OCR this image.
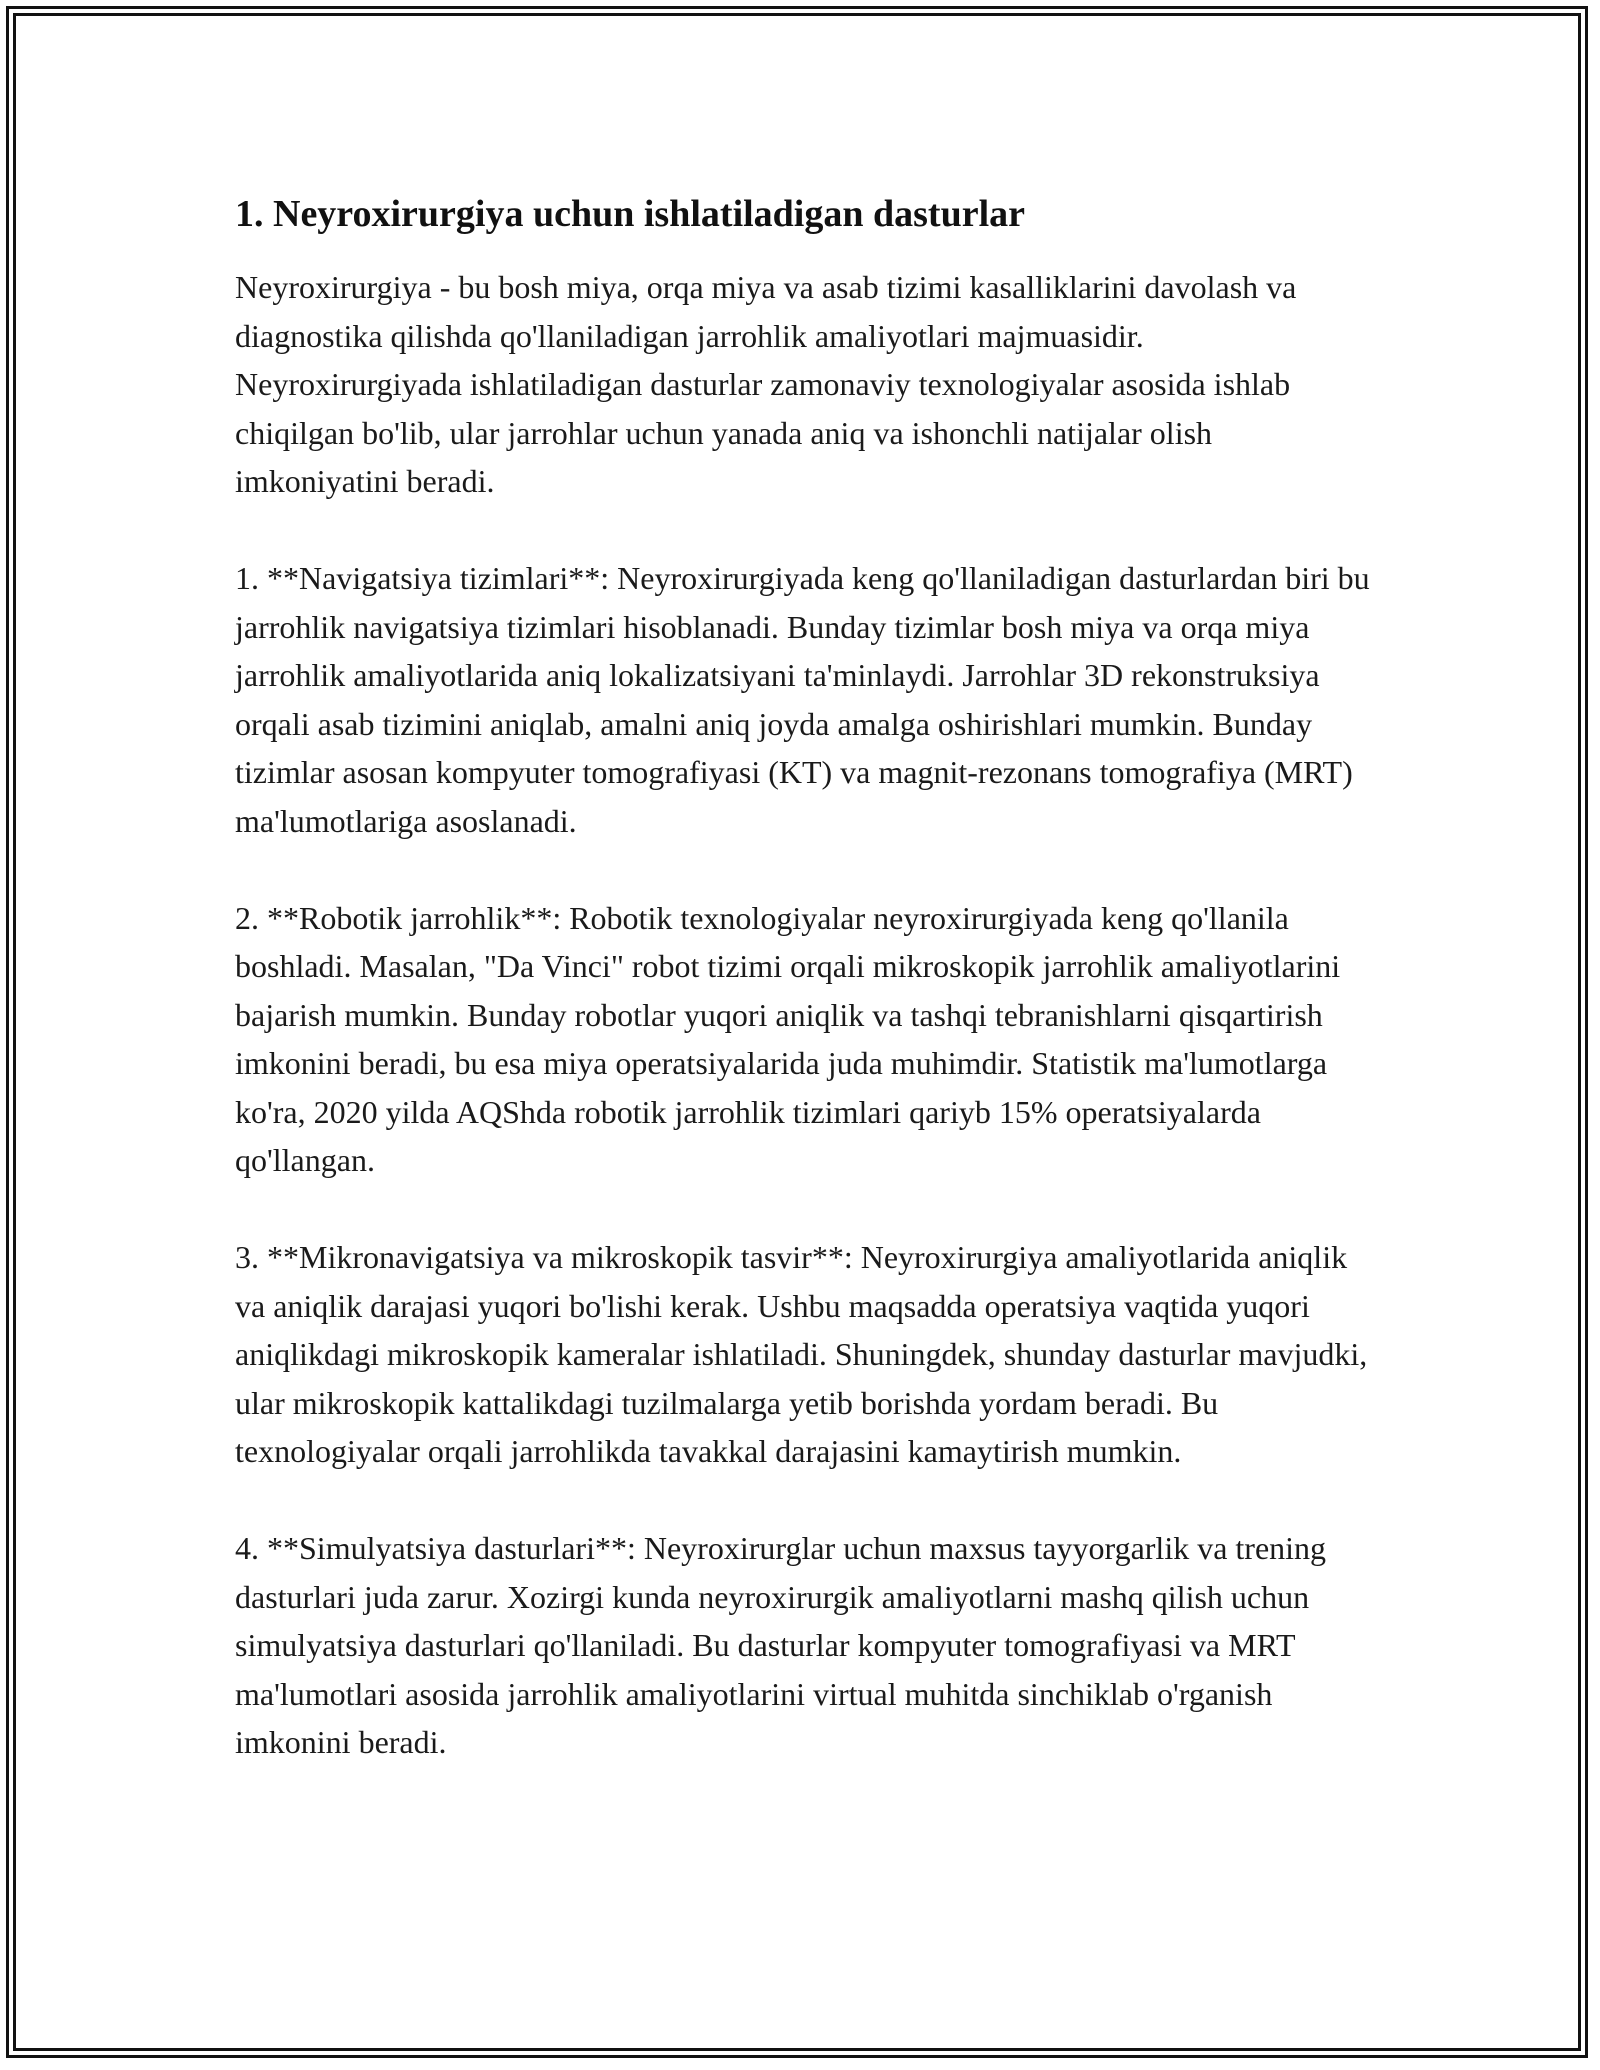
1. Neyroxirurgiya uchun ishlatiladigan dasturlar

Neyroxirurgiya - bu bosh miya, orqa miya va asab tizimi kasalliklarini davolash va diagnostika qilishda qo'llaniladigan jarrohlik amaliyotlari majmuasidir. Neyroxirurgiyada ishlatiladigan dasturlar zamonaviy texnologiyalar asosida ishlab chiqilgan bo'lib, ular jarrohlar uchun yanada aniq va ishonchli natijalar olish imkoniyatini beradi.

1. **Navigatsiya tizimlari**: Neyroxirurgiyada keng qo'llaniladigan dasturlardan biri bu jarrohlik navigatsiya tizimlari hisoblanadi. Bunday tizimlar bosh miya va orqa miya jarrohlik amaliyotlarida aniq lokalizatsiyani ta'minlaydi. Jarrohlar 3D rekonstruksiya orqali asab tizimini aniqlab, amalni aniq joyda amalga oshirishlari mumkin. Bunday tizimlar asosan kompyuter tomografiyasi (KT) va magnit-rezonans tomografiya (MRT) ma'lumotlariga asoslanadi.

2. **Robotik jarrohlik**: Robotik texnologiyalar neyroxirurgiyada keng qo'llanila boshladi. Masalan, "Da Vinci" robot tizimi orqali mikroskopik jarrohlik amaliyotlarini bajarish mumkin. Bunday robotlar yuqori aniqlik va tashqi tebranishlarni qisqartirish imkonini beradi, bu esa miya operatsiyalarida juda muhimdir. Statistik ma'lumotlarga ko'ra, 2020 yilda AQShda robotik jarrohlik tizimlari qariyb 15% operatsiyalarda qo'llangan.

3. **Mikronavigatsiya va mikroskopik tasvir**: Neyroxirurgiya amaliyotlarida aniqlik va aniqlik darajasi yuqori bo'lishi kerak. Ushbu maqsadda operatsiya vaqtida yuqori aniqlikdagi mikroskopik kameralar ishlatiladi. Shuningdek, shunday dasturlar mavjudki, ular mikroskopik kattalikdagi tuzilmalarga yetib borishda yordam beradi. Bu texnologiyalar orqali jarrohlikda tavakkal darajasini kamaytirish mumkin.

4. **Simulyatsiya dasturlari**: Neyroxirurglar uchun maxsus tayyorgarlik va trening dasturlari juda zarur. Xozirgi kunda neyroxirurgik amaliyotlarni mashq qilish uchun simulyatsiya dasturlari qo'llaniladi. Bu dasturlar kompyuter tomografiyasi va MRT ma'lumotlari asosida jarrohlik amaliyotlarini virtual muhitda sinchiklab o'rganish imkonini beradi.
